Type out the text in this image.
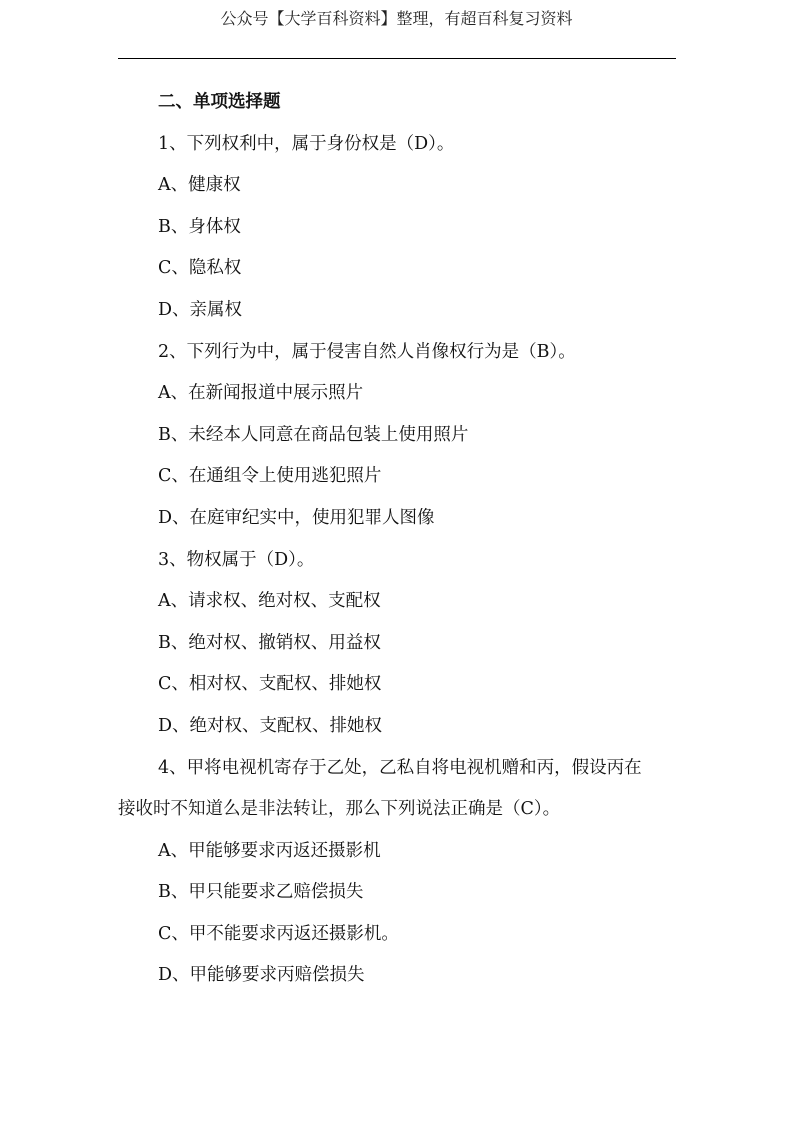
公众号【大学百科资料】整理，有超百科复习资料
二、单项选择题
1、下列权利中，属于身份权是（D）。
A、健康权
B、身体权
C、隐私权
D、亲属权
2、下列行为中，属于侵害自然人肖像权行为是（B）。
A、在新闻报道中展示照片
B、未经本人同意在商品包装上使用照片
C、在通组令上使用逃犯照片
D、在庭审纪实中，使用犯罪人图像
3、物权属于（D）。
A、请求权、绝对权、支配权
B、绝对权、撤销权、用益权
C、相对权、支配权、排她权
D、绝对权、支配权、排她权
4、甲将电视机寄存于乙处，乙私自将电视机赠和丙，假设丙在
接收时不知道么是非法转让，那么下列说法正确是（C）。
A、甲能够要求丙返还摄影机
B、甲只能要求乙赔偿损失
C、甲不能要求丙返还摄影机。
D、甲能够要求丙赔偿损失
